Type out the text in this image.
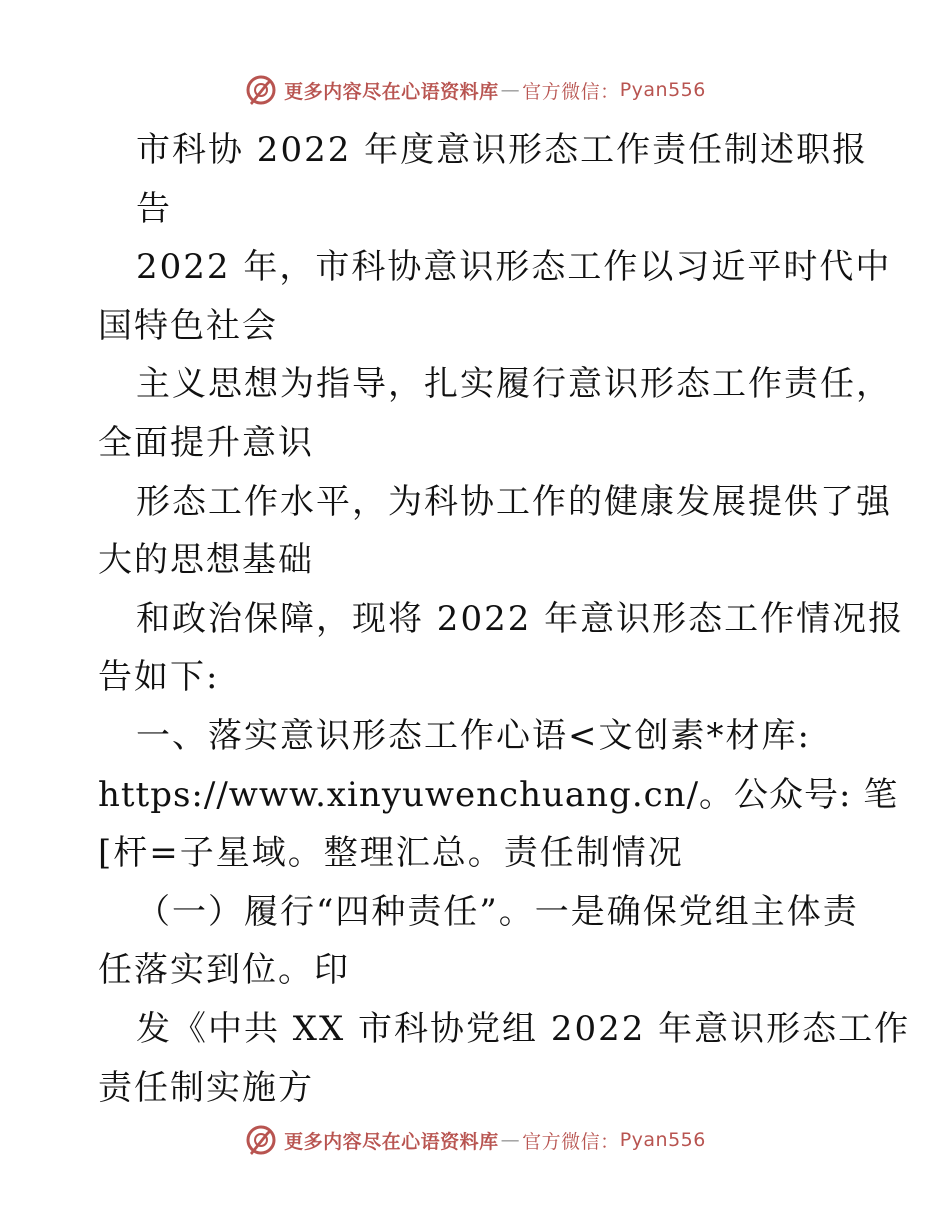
更多内容尽在心语资料库 — 官方微信： Pyan556
市科协 2022 年度意识形态工作责任制述职报
告
2022 年，市科协意识形态工作以习近平时代中
国特色社会
主义思想为指导，扎实履行意识形态工作责任，
全面提升意识
形态工作水平，为科协工作的健康发展提供了强
大的思想基础
和政治保障，现将 2022 年意识形态工作情况报
告如下:
一、落实意识形态工作心语<文创素*材库:
https://www.xinyuwenchuang.cn/。公众号: 笔
[杆=子星域。整理汇总。责任制情况
（一）履行“四种责任”。一是确保党组主体责
任落实到位。印
发《中共 XX 市科协党组 2022 年意识形态工作
责任制实施方
更多内容尽在心语资料库 — 官方微信： Pyan556
